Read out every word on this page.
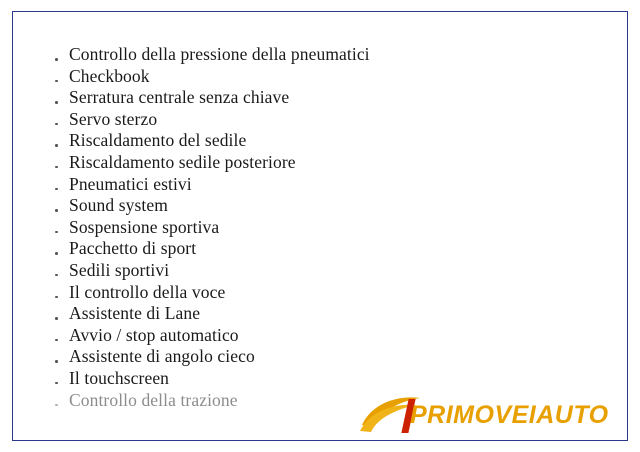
Controllo della pressione della pneumatici
Checkbook
Serratura centrale senza chiave
Servo sterzo
Riscaldamento del sedile
Riscaldamento sedile posteriore
Pneumatici estivi
Sound system
Sospensione sportiva
Pacchetto di sport
Sedili sportivi
Il controllo della voce
Assistente di Lane
Avvio / stop automatico
Assistente di angolo cieco
Il touchscreen
Controllo della trazione
PRIMOVEIAUTO
